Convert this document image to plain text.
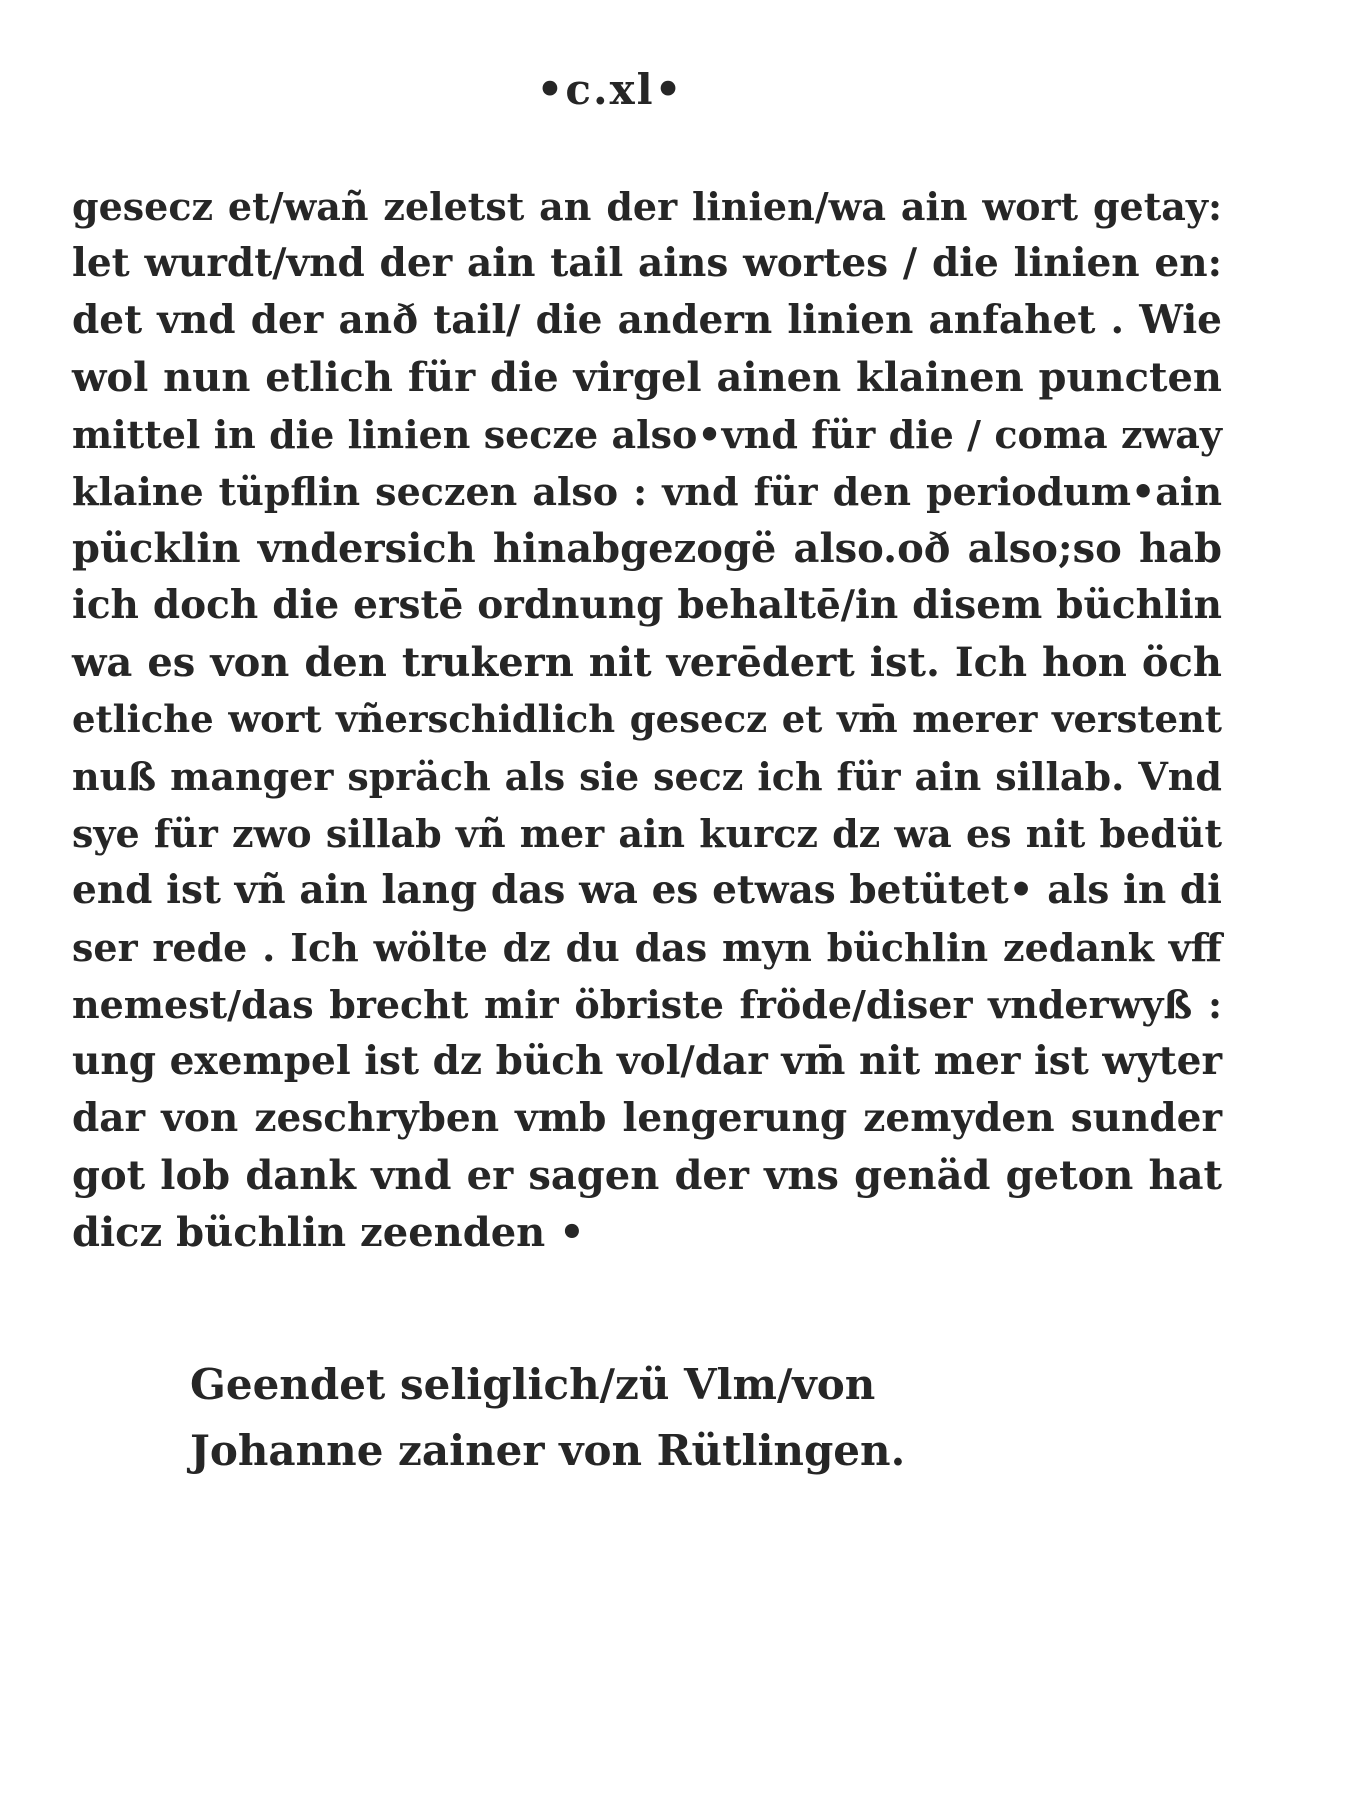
•c.xl•
gesecz et/wañ zeletst an der linien/wa ain wort getay:
let wurdt/vnd der ain tail ains wortes / die linien en:
det vnd der anð tail/ die andern linien anfahet . Wie
wol nun etlich für die virgel ainen klainen puncten
mittel in die linien secze also•vnd für die / coma zway
klaine tüpflin seczen also : vnd für den periodum•ain
pücklin vndersich hinabgezogë also.oð also;so hab
ich doch die erstē ordnung behaltē/in disem büchlin
wa es von den trukern nit verēdert ist. Ich hon öch
etliche wort vñerschidlich gesecz et vm̄ merer verstent
nuß manger spräch als sie secz ich für ain sillab. Vnd
sye für zwo sillab vñ mer ain kurcz dz wa es nit bedüt
end ist vñ ain lang das wa es etwas betütet• als in di
ser rede . Ich wölte dz du das myn büchlin zedank vff
nemest/das brecht mir öbriste fröde/diser vnderwyß :
ung exempel ist dz büch vol/dar vm̄ nit mer ist wyter
dar von zeschryben vmb lengerung zemyden sunder
got lob dank vnd er sagen der vns genäd geton hat
dicz büchlin zeenden •
Geendet seliglich/zü Vlm/von
Johanne zainer von Rütlingen.
